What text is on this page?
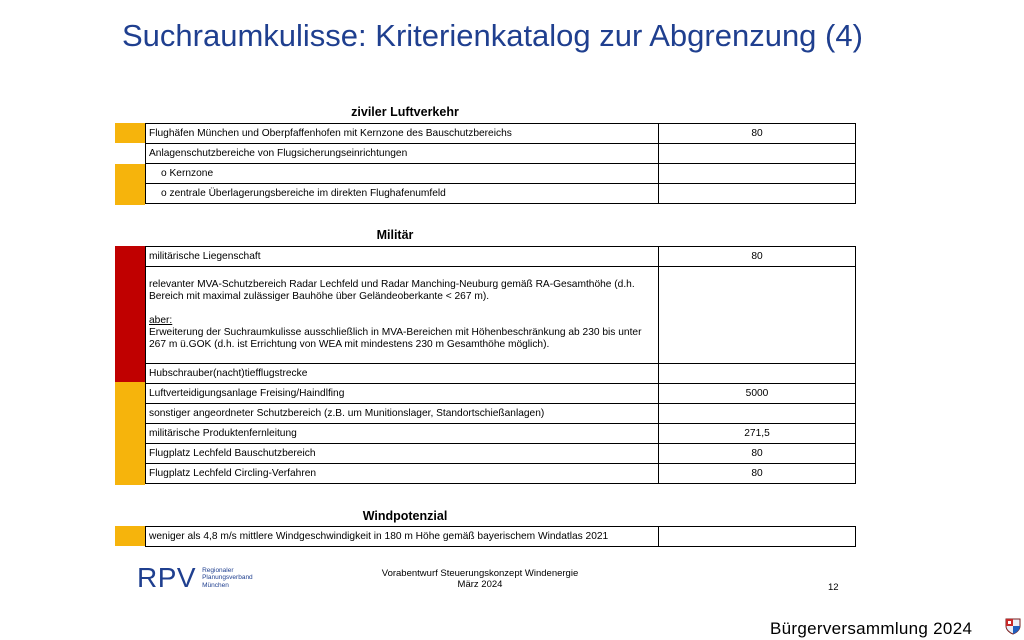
Suchraumkulisse: Kriterienkatalog zur Abgrenzung (4)
ziviler Luftverkehr
Flughäfen München und Oberpfaffenhofen mit Kernzone des Bauschutzbereichs	80
Anlagenschutzbereiche von Flugsicherungseinrichtungen	
o Kernzone	
o zentrale Überlagerungsbereiche im direkten Flughafenumfeld	
Militär
militärische Liegenschaft	80

relevanter MVA-Schutzbereich Radar Lechfeld und Radar Manching-Neuburg gemäß RA-Gesamthöhe (d.h. Bereich mit maximal zulässiger Bauhöhe über Geländeoberkante < 267 m).
aber:
Erweiterung der Suchraumkulisse ausschließlich in MVA-Bereichen mit Höhenbeschränkung ab 230 bis unter 267 m ü.GOK (d.h. ist Errichtung von WEA mit mindestens 230 m Gesamthöhe möglich).	

Hubschrauber(nacht)tiefflugstrecke	
Luftverteidigungsanlage Freising/Haindlfing	5000
sonstiger angeordneter Schutzbereich (z.B. um Munitionslager, Standortschießanlagen)	
militärische Produktenfernleitung	271,5
Flugplatz Lechfeld Bauschutzbereich	80
Flugplatz Lechfeld Circling-Verfahren	80
Windpotenzial
weniger als 4,8 m/s mittlere Windgeschwindigkeit in 180 m Höhe gemäß bayerischem Windatlas 2021	
RPV Regionaler
Planungsverband
München
Vorabentwurf Steuerungskonzept Windenergie
März 2024	12
Bürgerversammlung 2024
